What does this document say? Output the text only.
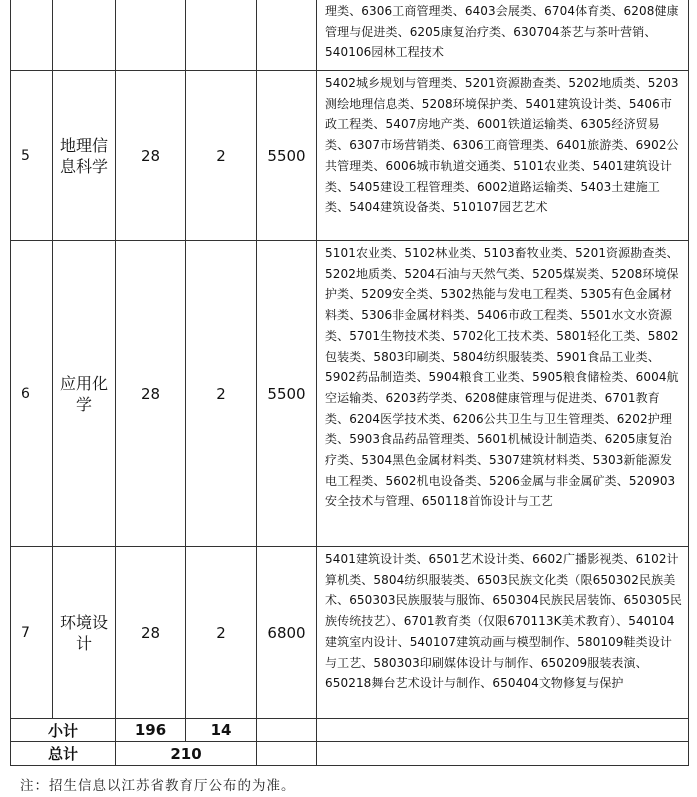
					理类、6306工商管理类、6403会展类、6704体育类、6208健康管理与促进类、6205康复治疗类、630704茶艺与茶叶营销、540106园林工程技术
5	地理信息科学	28	2	5500	5402城乡规划与管理类、5201资源勘查类、5202地质类、5203测绘地理信息类、5208环境保护类、5401建筑设计类、5406市政工程类、5407房地产类、6001铁道运输类、6305经济贸易类、6307市场营销类、6306工商管理类、6401旅游类、6902公共管理类、6006城市轨道交通类、5101农业类、5401建筑设计类、5405建设工程管理类、6002道路运输类、5403土建施工类、5404建筑设备类、510107园艺艺术
6	应用化学	28	2	5500	5101农业类、5102林业类、5103畜牧业类、5201资源勘查类、5202地质类、5204石油与天然气类、5205煤炭类、5208环境保护类、5209安全类、5302热能与发电工程类、5305有色金属材料类、5306非金属材料类、5406市政工程类、5501水文水资源类、5701生物技术类、5702化工技术类、5801轻化工类、5802包装类、5803印刷类、5804纺织服装类、5901食品工业类、5902药品制造类、5904粮食工业类、5905粮食储检类、6004航空运输类、6203药学类、6208健康管理与促进类、6701教育类、6204医学技术类、6206公共卫生与卫生管理类、6202护理类、5903食品药品管理类、5601机械设计制造类、6205康复治疗类、5304黑色金属材料类、5307建筑材料类、5303新能源发电工程类、5602机电设备类、5206金属与非金属矿类、520903安全技术与管理、650118首饰设计与工艺
7	环境设计	28	2	6800	5401建筑设计类、6501艺术设计类、6602广播影视类、6102计算机类、5804纺织服装类、6503民族文化类（限650302民族美术、650303民族服装与服饰、650304民族民居装饰、650305民族传统技艺）、6701教育类（仅限670113K美术教育）、540104建筑室内设计、540107建筑动画与模型制作、580109鞋类设计与工艺、580303印刷媒体设计与制作、650209服装表演、650218舞台艺术设计与制作、650404文物修复与保护
小计		196	14		
总计		210			
注：招生信息以江苏省教育厅公布的为准。
